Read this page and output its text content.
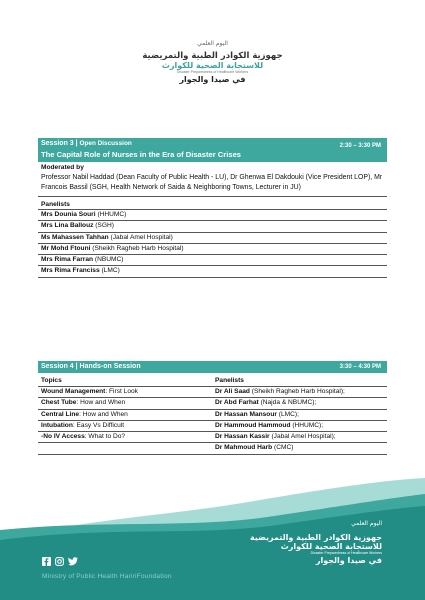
اليوم العلمي
جهوزية الكوادر الطبية والتمريضية
للاستجابة الصحية للكوارث
Disaster Preparedness of Healthcare Workers
في صيدا والجوار
Session 3 | Open Discussion	2:30 – 3:30 PM
The Capital Role of Nurses in the Era of Disaster Crises
Moderated by
Professor Nabil Haddad (Dean Faculty of Public Health - LU), Dr Ghenwa El Dakdouki (Vice President LOP), Mr Francois Bassil (SGH, Health Network of Saida & Neighboring Towns, Lecturer in JU)
Panelists
Mrs Dounia Souri (HHUMC)
Mrs Lina Ballouz (SGH)
Ms Mahassen Tahhan (Jabal Amel Hospital)
Mr Mohd Ftouni (Sheikh Ragheb Harb Hospital)
Mrs Rima Farran (NBUMC)
Mrs Rima Franciss (LMC)
Session 4 | Hands-on Session	3:30 – 4:30 PM
Topics
Wound Management: First Look
Chest Tube: How and When
Central Line: How and When
Intubation: Easy Vs Difficult
-No IV Access: What to Do?
Panelists
Dr Ali Saad (Sheikh Ragheb Harb Hospital);
Dr Abd Farhat (Najda & NBUMC);
Dr Hassan Mansour (LMC);
Dr Hammoud Hammoud (HHUMC);
Dr Hassan Kassir (Jabal Amel Hospital);
Dr Mahmoud Harb (CMC)
Ministry of Public Health HaririFoundation
اليوم العلمي
جهوزية الكوادر الطبية والتمريضية
للاستجابة الصحية للكوارث
Disaster Preparedness of Healthcare Workers
في صيدا والجوار
